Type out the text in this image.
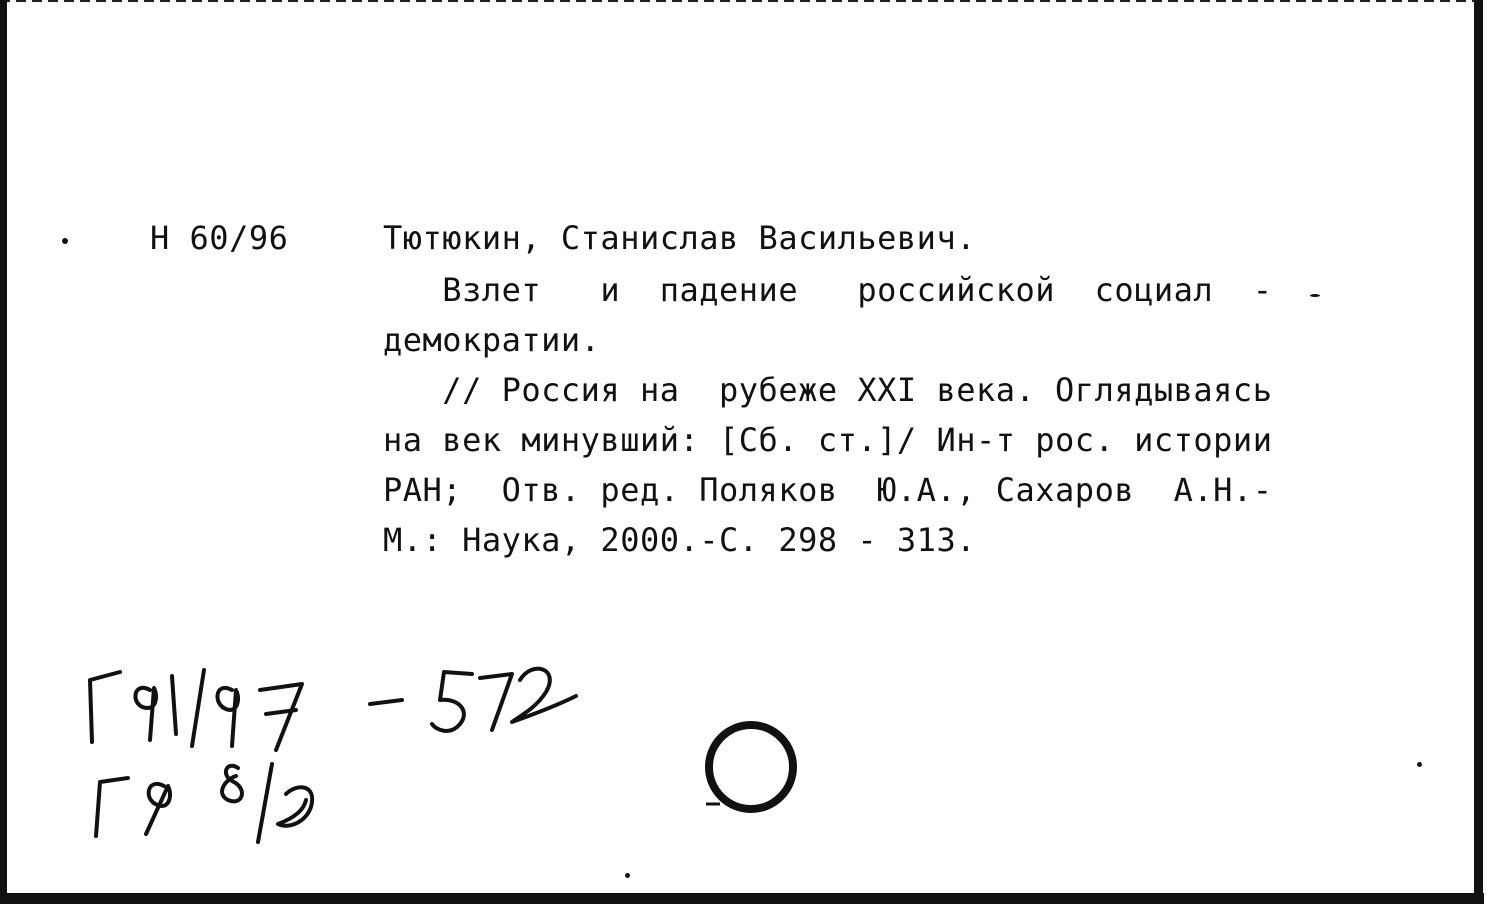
Н 60/96	Тютюкин, Станислав Васильевич.
Взлет   и  падение   российской  социал  -
демократии.
// Россия на  рубеже XXI века. Оглядываясь
на век минувший: [Сб. ст.]/ Ин-т рос. истории
РАН;  Отв. ред. Поляков  Ю.А., Сахаров  А.Н.-
М.: Наука, 2000.-С. 298 - 313.
